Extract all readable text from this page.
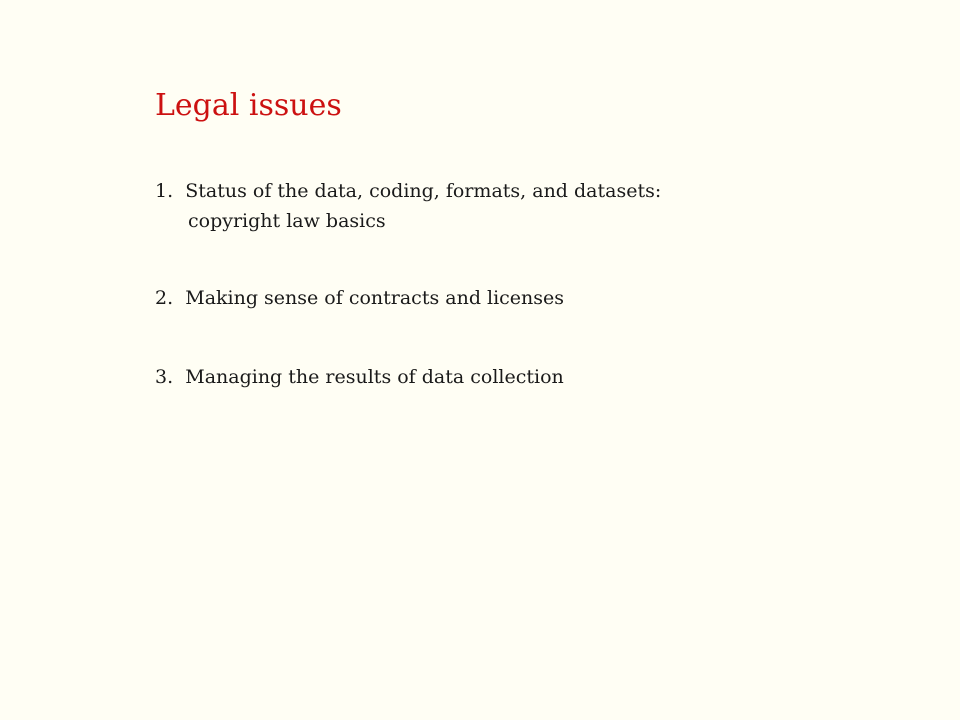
Legal issues
1. Status of the data, coding, formats, and datasets:
copyright law basics
2. Making sense of contracts and licenses
3. Managing the results of data collection
